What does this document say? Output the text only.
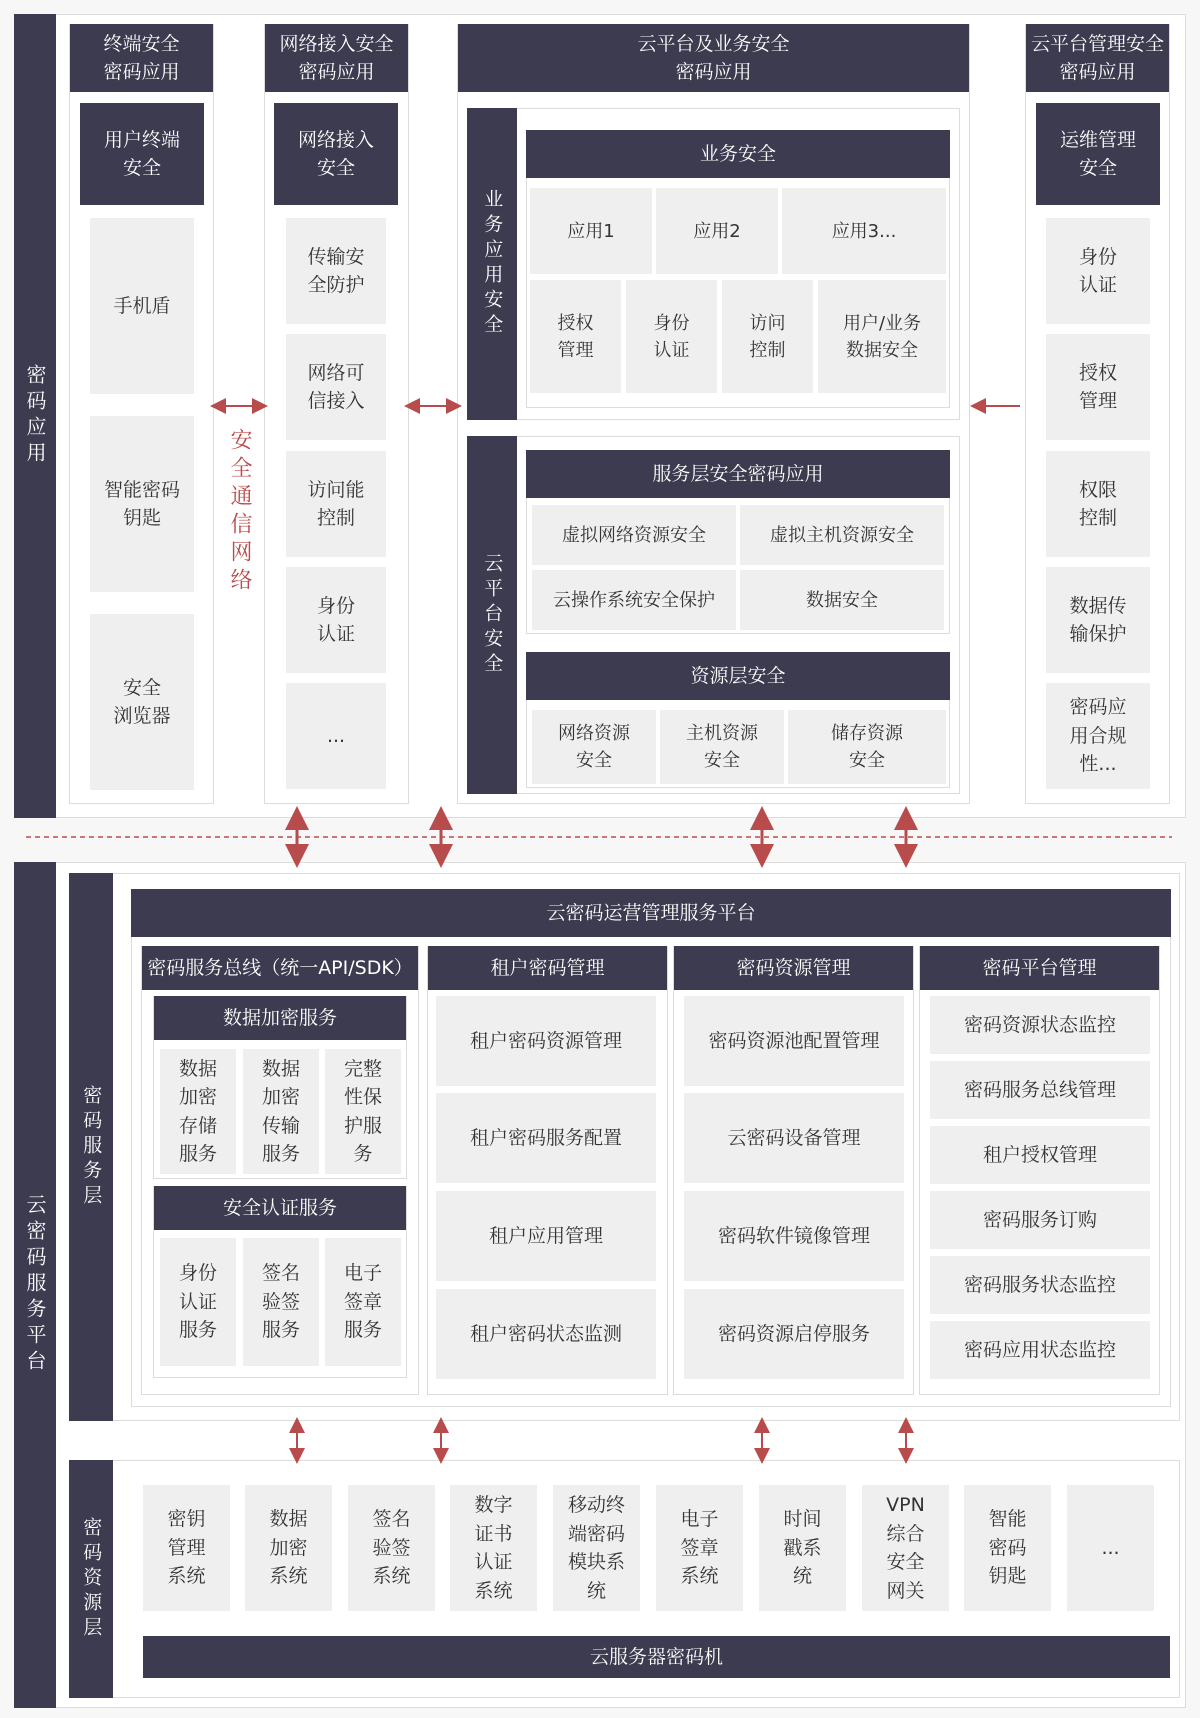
密码应用
终端安全
密码应用
用户终端
安全
手机盾
智能密码
钥匙
安全
浏览器
安全通信网络
网络接入安全
密码应用
网络接入
安全
传输安
全防护
网络可
信接入
访问能
控制
身份
认证
...
云平台及业务安全
密码应用
业务应用安全
业务安全
应用1	应用2	应用3...
授权
管理
身份
认证
访问
控制
用户/业务
数据安全
云平台安全
服务层安全密码应用
虚拟网络资源安全	虚拟主机资源安全
云操作系统安全保护	数据安全
资源层安全
网络资源
安全
主机资源
安全
储存资源
安全
云平台管理安全
密码应用
运维管理
安全
身份
认证
授权
管理
权限
控制
数据传
输保护
密码应
用合规
性...
云密码服务平台
密码服务层
云密码运营管理服务平台
密码服务总线（统一API/SDK）
数据加密服务
数据
加密
存储
服务
数据
加密
传输
服务
完整
性保
护服
务
安全认证服务
身份
认证
服务
签名
验签
服务
电子
签章
服务
租户密码管理
租户密码资源管理
租户密码服务配置
租户应用管理
租户密码状态监测
密码资源管理
密码资源池配置管理
云密码设备管理
密码软件镜像管理
密码资源启停服务
密码平台管理
密码资源状态监控
密码服务总线管理
租户授权管理
密码服务订购
密码服务状态监控
密码应用状态监控
密码资源层	密钥
管理
系统
数据
加密
系统
签名
验签
系统
数字
证书
认证
系统
移动终
端密码
模块系
统
电子
签章
系统
时间
戳系
统
VPN
综合
安全
网关
智能
密码
钥匙
...
云服务器密码机
